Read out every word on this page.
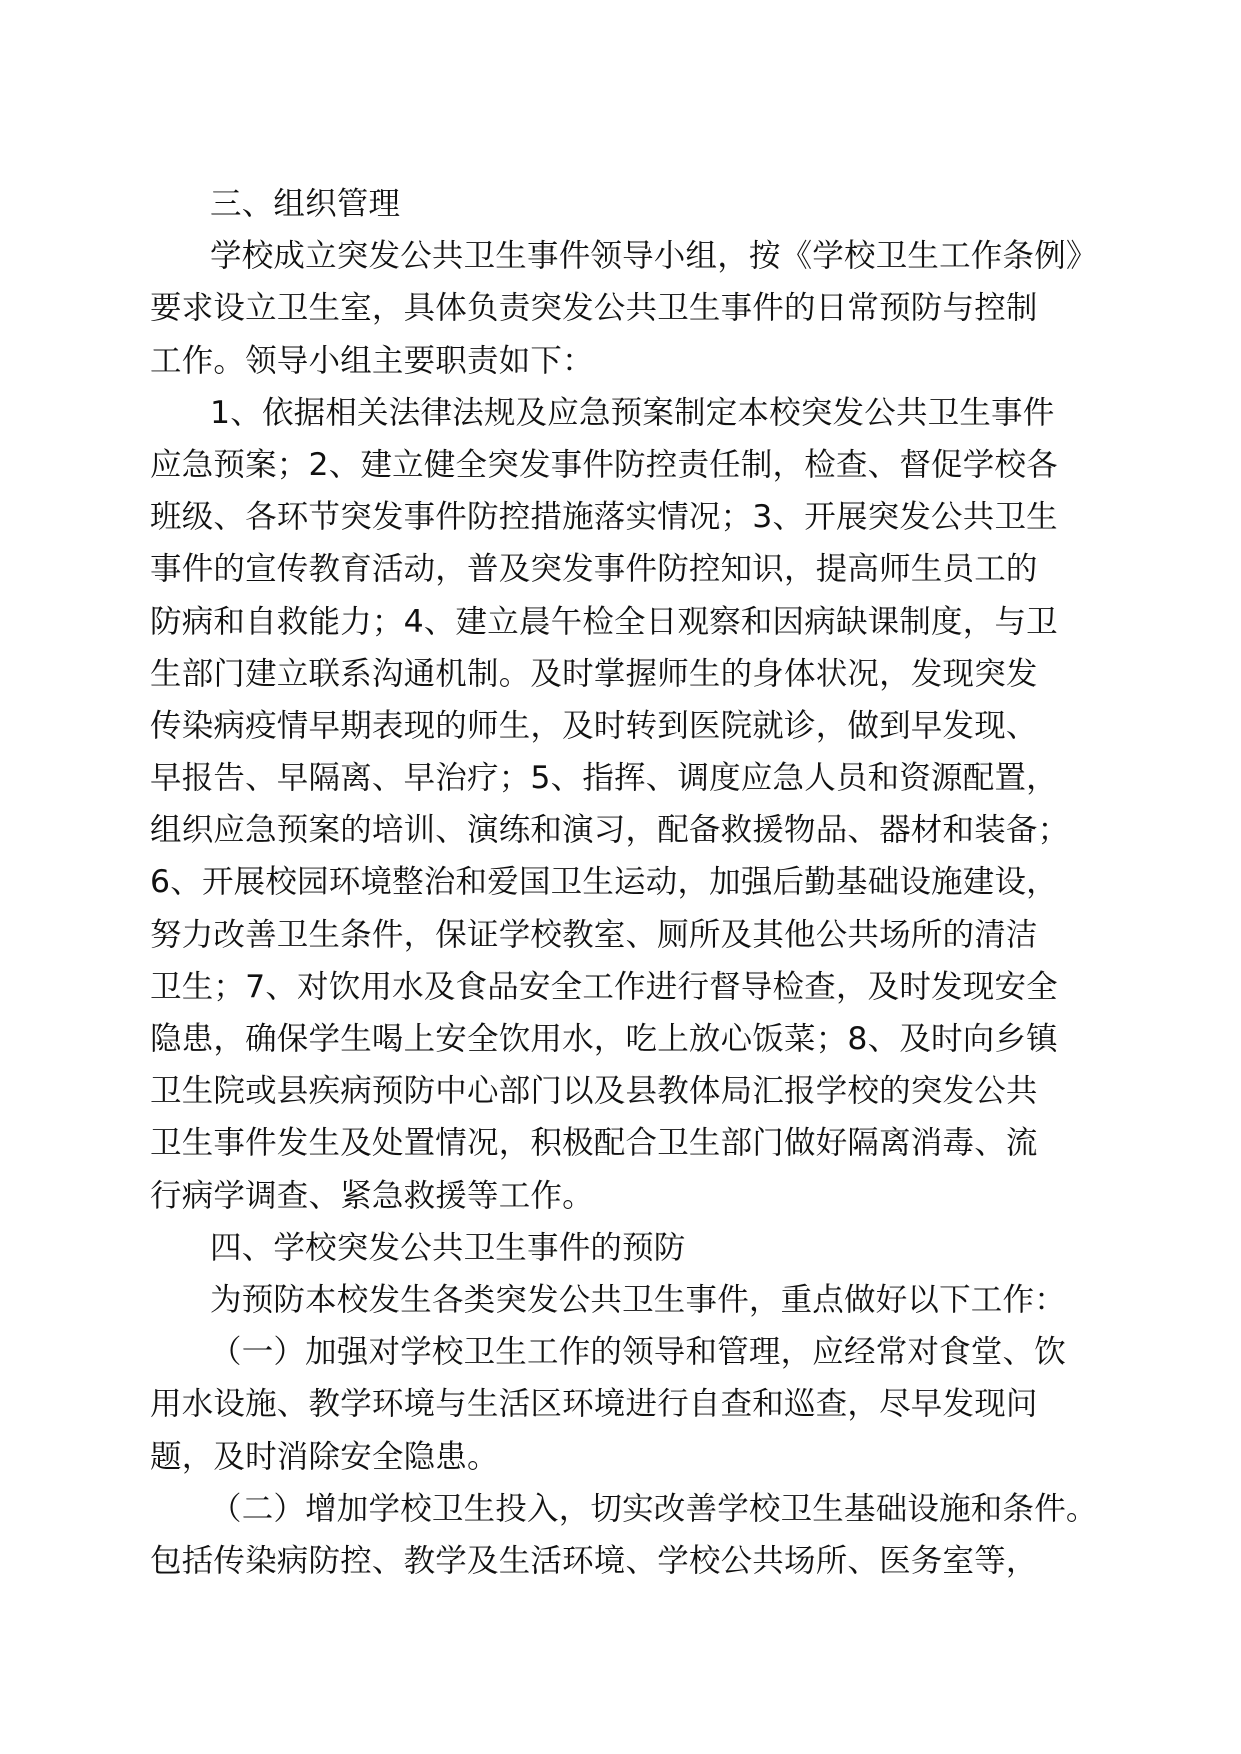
三、组织管理
学校成立突发公共卫生事件领导小组，按《学校卫生工作条例》
要求设立卫生室，具体负责突发公共卫生事件的日常预防与控制
工作。领导小组主要职责如下：
1、依据相关法律法规及应急预案制定本校突发公共卫生事件
应急预案；2、建立健全突发事件防控责任制，检查、督促学校各
班级、各环节突发事件防控措施落实情况；3、开展突发公共卫生
事件的宣传教育活动，普及突发事件防控知识，提高师生员工的
防病和自救能力；4、建立晨午检全日观察和因病缺课制度，与卫
生部门建立联系沟通机制。及时掌握师生的身体状况，发现突发
传染病疫情早期表现的师生，及时转到医院就诊，做到早发现、
早报告、早隔离、早治疗；5、指挥、调度应急人员和资源配置，
组织应急预案的培训、演练和演习，配备救援物品、器材和装备；
6、开展校园环境整治和爱国卫生运动，加强后勤基础设施建设，
努力改善卫生条件，保证学校教室、厕所及其他公共场所的清洁
卫生；7、对饮用水及食品安全工作进行督导检查，及时发现安全
隐患，确保学生喝上安全饮用水，吃上放心饭菜；8、及时向乡镇
卫生院或县疾病预防中心部门以及县教体局汇报学校的突发公共
卫生事件发生及处置情况，积极配合卫生部门做好隔离消毒、流
行病学调查、紧急救援等工作。
四、学校突发公共卫生事件的预防
为预防本校发生各类突发公共卫生事件，重点做好以下工作：
（一）加强对学校卫生工作的领导和管理，应经常对食堂、饮
用水设施、教学环境与生活区环境进行自查和巡查，尽早发现问
题，及时消除安全隐患。
（二）增加学校卫生投入，切实改善学校卫生基础设施和条件。
包括传染病防控、教学及生活环境、学校公共场所、医务室等，
